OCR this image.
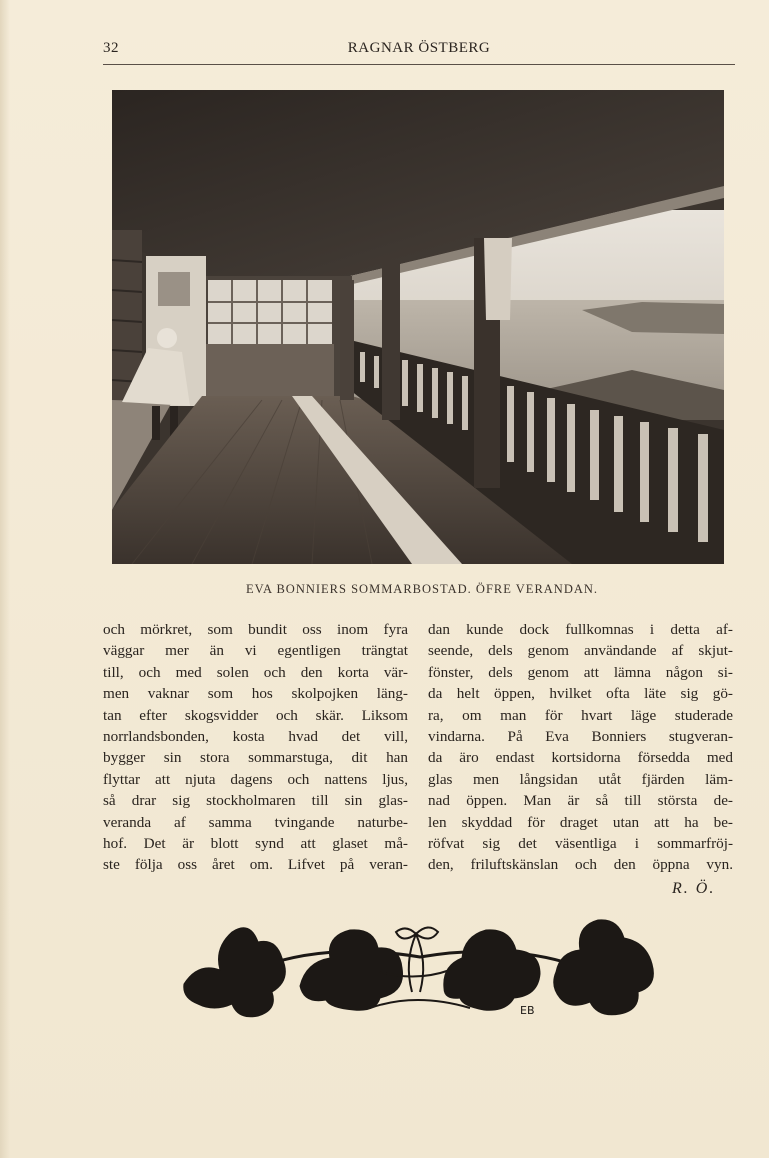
32	RAGNAR ÖSTBERG
EVA BONNIERS SOMMARBOSTAD. ÖFRE VERANDAN.
och mörkret, som bundit oss inom fyra
väggar mer än vi egentligen trängtat
till, och med solen och den korta vär-
men vaknar som hos skolpojken läng-
tan efter skogsvidder och skär. Liksom
norrlandsbonden, kosta hvad det vill,
bygger sin stora sommarstuga, dit han
flyttar att njuta dagens och nattens ljus,
så drar sig stockholmaren till sin glas-
veranda af samma tvingande naturbe-
hof. Det är blott synd att glaset må-
ste följa oss året om. Lifvet på veran-
dan kunde dock fullkomnas i detta af-
seende, dels genom användande af skjut-
fönster, dels genom att lämna någon si-
da helt öppen, hvilket ofta läte sig gö-
ra, om man för hvart läge studerade
vindarna. På Eva Bonniers stugveran-
da äro endast kortsidorna försedda med
glas men långsidan utåt fjärden läm-
nad öppen. Man är så till största de-
len skyddad för draget utan att ha be-
röfvat sig det väsentliga i sommarfröj-
den, friluftskänslan och den öppna vyn.
R. Ö.
EB
